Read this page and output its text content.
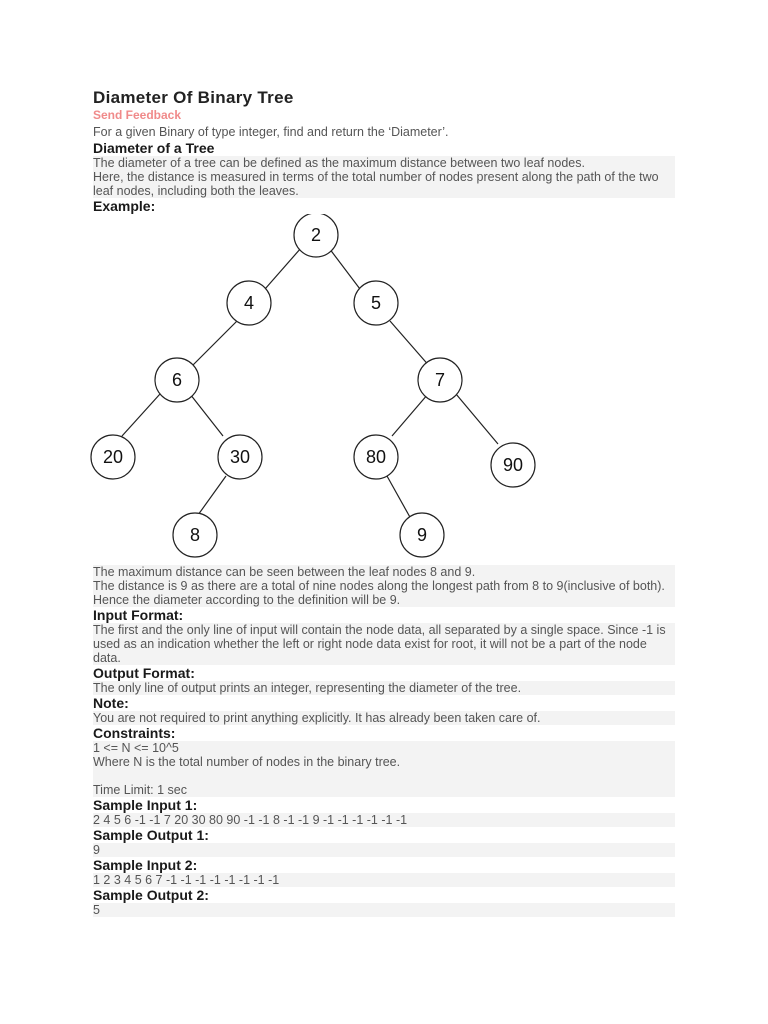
Diameter Of Binary Tree
Send Feedback
For a given Binary of type integer, find and return the ‘Diameter’.
Diameter of a Tree
The diameter of a tree can be defined as the maximum distance between two leaf nodes.
Here, the distance is measured in terms of the total number of nodes present along the path of the two leaf nodes, including both the leaves.
Example:
2
4	5
6	7
20	30	80	90
8	9
The maximum distance can be seen between the leaf nodes 8 and 9.
The distance is 9 as there are a total of nine nodes along the longest path from 8 to 9(inclusive of both). Hence the diameter according to the definition will be 9.
Input Format:
The first and the only line of input will contain the node data, all separated by a single space. Since -1 is used as an indication whether the left or right node data exist for root, it will not be a part of the node data.
Output Format:
The only line of output prints an integer, representing the diameter of the tree.
Note:
You are not required to print anything explicitly. It has already been taken care of.
Constraints:
1 <= N <= 10^5
Where N is the total number of nodes in the binary tree.

Time Limit: 1 sec
Sample Input 1:
2 4 5 6 -1 -1 7 20 30 80 90 -1 -1 8 -1 -1 9 -1 -1 -1 -1 -1 -1
Sample Output 1:
9
Sample Input 2:
1 2 3 4 5 6 7 -1 -1 -1 -1 -1 -1 -1 -1
Sample Output 2:
5
